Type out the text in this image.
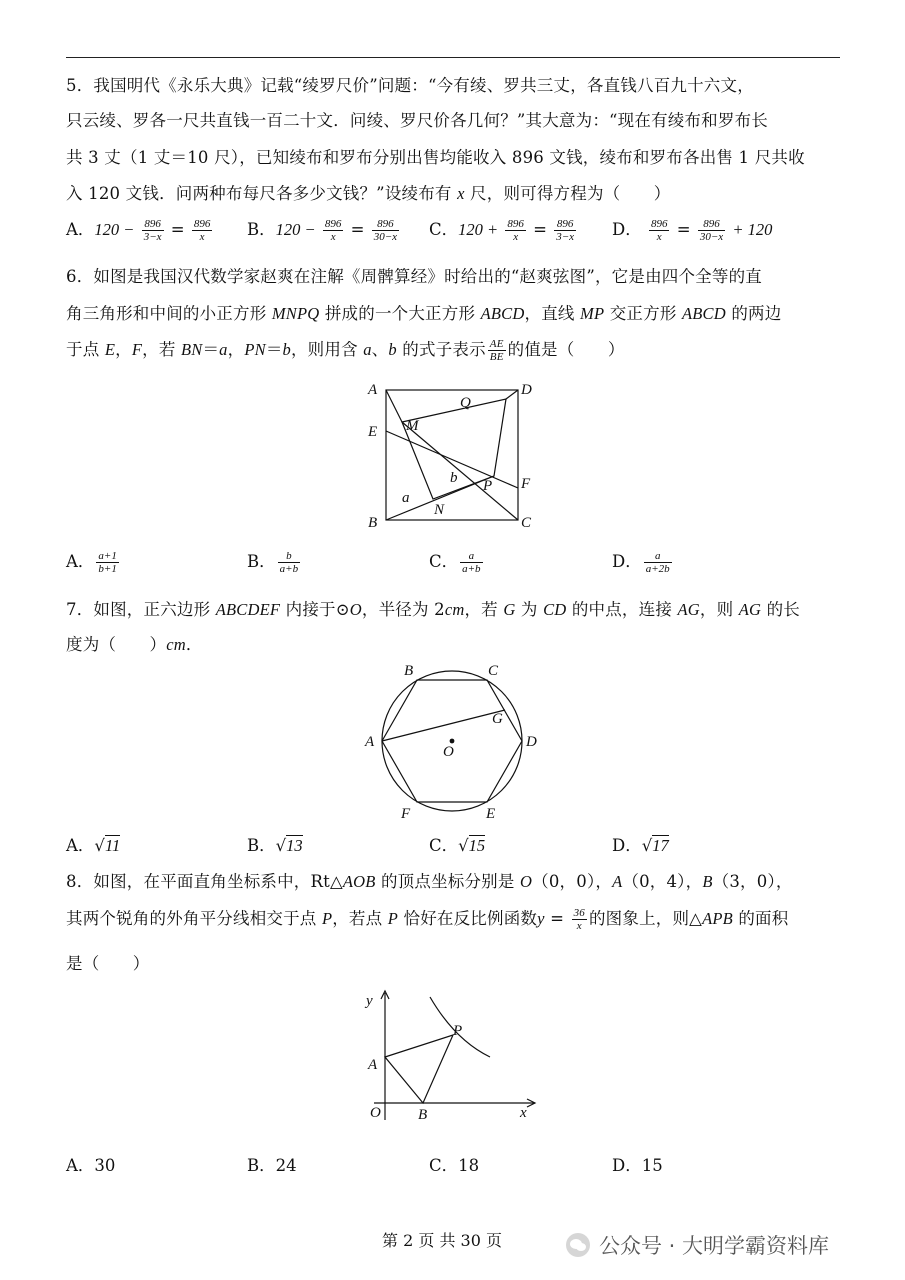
5．我国明代《永乐大典》记载“绫罗尺价”问题：“今有绫、罗共三丈，各直钱八百九十六文，
只云绫、罗各一尺共直钱一百二十文．问绫、罗尺价各几何？”其大意为：“现在有绫布和罗布长
共 3 丈（1 丈＝10 尺），已知绫布和罗布分别出售均能收入 896 文钱，绫布和罗布各出售 1 尺共收
入 120 文钱．问两种布每尺各多少文钱？”设绫布有 x 尺，则可得方程为（　　）
A．$120 - \frac{896}{3-x} = \frac{896}{x}$ B．$120 - \frac{896}{x} = \frac{896}{30-x}$ C．$120 + \frac{896}{x} = \frac{896}{3-x}$ D． $\frac{896}{x} = \frac{896}{30-x} + 120$
6．如图是我国汉代数学家赵爽在注解《周髀算经》时给出的“赵爽弦图”，它是由四个全等的直
角三角形和中间的小正方形 MNPQ 拼成的一个大正方形 ABCD，直线 MP 交正方形 ABCD 的两边
于点 E，F，若 BN＝a，PN＝b，则用含 a、b 的式子表示 $\frac{AE}{BE}$ 的值是（　　）
A	D
Q
E M
b P F
a
N
B	C
A． $\frac{a+1}{b+1}$	B． $\frac{b}{a+b}$	C． $\frac{a}{a+b}$	D． $\frac{a}{a+2b}$
7．如图，正六边形 ABCDEF 内接于⊙O，半径为 2cm，若 G 为 CD 的中点，连接 AG，则 AG 的长
度为（　　）cm．
A
B	C
D
E
F
G
O
A．√11	B．√13	C．√15	D．√17
8．如图，在平面直角坐标系中，Rt△AOB 的顶点坐标分别是 O（0，0），A（0，4），B（3，0），
其两个锐角的外角平分线相交于点 P，若点 P 恰好在反比例函数$y = \frac{36}{x}$ 的图象上，则△APB 的面积
是（　　）
y
x
O
A
B
P
A．30	B．24	C．18	D．15
第 2 页 共 30 页	公众号 · 大明学霸资料库
